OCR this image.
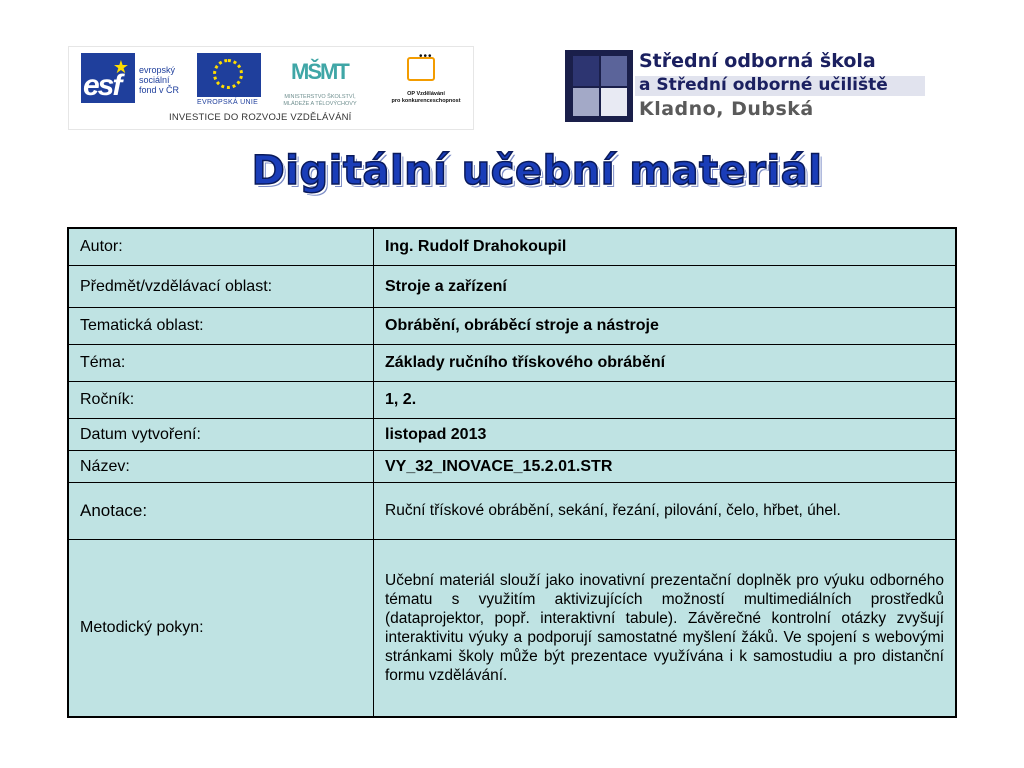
★
esf evropský
sociální
fond v ČR
EVROPSKÁ UNIE
MŠMT
MINISTERSTVO ŠKOLSTVÍ,
MLÁDEŽE A TĚLOVÝCHOVY
•••
OP Vzdělávání
pro konkurenceschopnost
INVESTICE DO ROZVOJE VZDĚLÁVÁNÍ
Střední odborná škola
a Střední odborné učiliště
Kladno, Dubská
Digitální učební materiál
Autor:	Ing. Rudolf Drahokoupil
Předmět/vzdělávací oblast:	Stroje a zařízení
Tematická oblast:	Obrábění, obráběcí stroje a nástroje
Téma:	Základy ručního třískového obrábění
Ročník:	1, 2.
Datum vytvoření:	listopad 2013
Název:	VY_32_INOVACE_15.2.01.STR
Anotace:	Ruční třískové obrábění, sekání, řezání, pilování, čelo, hřbet, úhel.
Metodický pokyn:	Učební materiál slouží jako inovativní prezentační doplněk pro výuku odborného tématu s využitím aktivizujících možností multimediálních prostředků (dataprojektor, popř. interaktivní tabule). Závěrečné kontrolní otázky zvyšují interaktivitu výuky a podporují samostatné myšlení žáků. Ve spojení s webovými stránkami školy může být prezentace využívána i k samostudiu a pro distanční formu vzdělávání.
